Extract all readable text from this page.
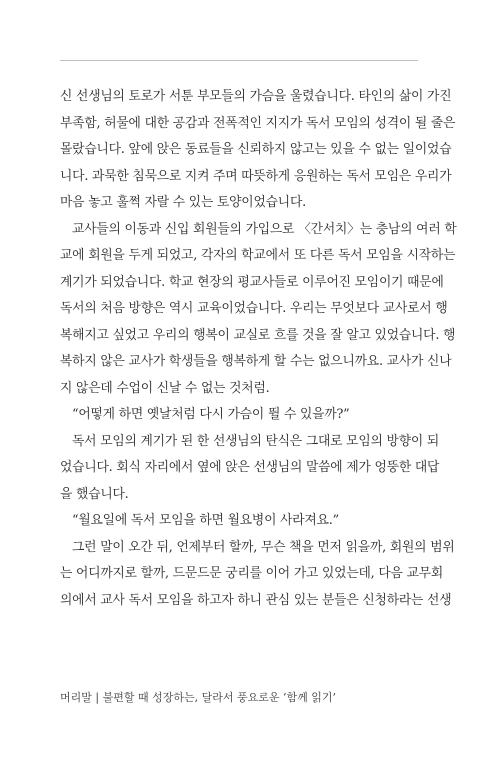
신 선생님의 토로가 서툰 부모들의 가슴을 울렸습니다. 타인의 삶이 가진
부족함, 허물에 대한 공감과 전폭적인 지지가 독서 모임의 성격이 될 줄은
몰랐습니다. 앞에 앉은 동료들을 신뢰하지 않고는 있을 수 없는 일이었습
니다. 과묵한 침묵으로 지켜 주며 따뜻하게 응원하는 독서 모임은 우리가
마음 놓고 훌쩍 자랄 수 있는 토양이었습니다.
교사들의 이동과 신입 회원들의 가입으로 〈간서치〉는 충남의 여러 학
교에 회원을 두게 되었고, 각자의 학교에서 또 다른 독서 모임을 시작하는
계기가 되었습니다. 학교 현장의 평교사들로 이루어진 모임이기 때문에
독서의 처음 방향은 역시 교육이었습니다. 우리는 무엇보다 교사로서 행
복해지고 싶었고 우리의 행복이 교실로 흐를 것을 잘 알고 있었습니다. 행
복하지 않은 교사가 학생들을 행복하게 할 수는 없으니까요. 교사가 신나
지 않은데 수업이 신날 수 없는 것처럼.
“어떻게 하면 옛날처럼 다시 가슴이 뛸 수 있을까?”
독서 모임의 계기가 된 한 선생님의 탄식은 그대로 모임의 방향이 되
었습니다. 회식 자리에서 옆에 앉은 선생님의 말씀에 제가 엉뚱한 대답
을 했습니다.
“월요일에 독서 모임을 하면 월요병이 사라져요.”
그런 말이 오간 뒤, 언제부터 할까, 무슨 책을 먼저 읽을까, 회원의 범위
는 어디까지로 할까, 드문드문 궁리를 이어 가고 있었는데, 다음 교무회
의에서 교사 독서 모임을 하고자 하니 관심 있는 분들은 신청하라는 선생
머리말 | 불편할 때 성장하는, 달라서 풍요로운 ‘함께 읽기’
